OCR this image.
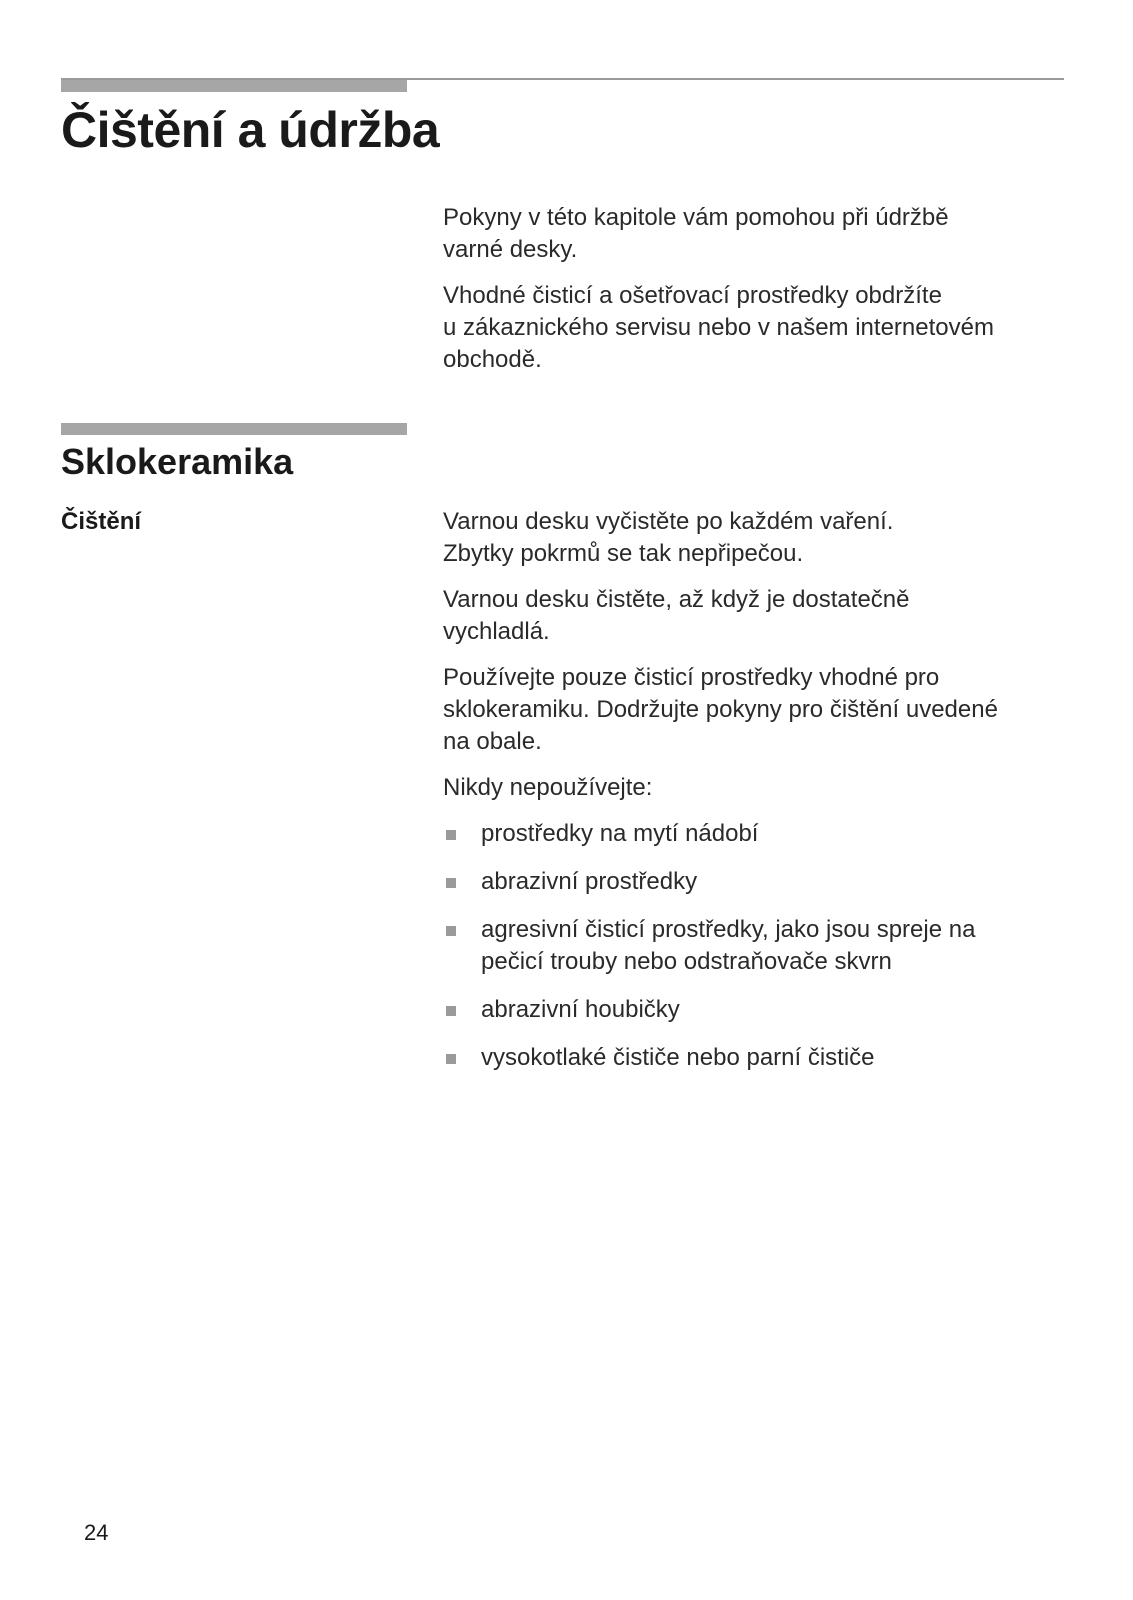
Čištění a údržba

Pokyny v této kapitole vám pomohou při údržbě
varné desky.

Vhodné čisticí a ošetřovací prostředky obdržíte
u zákaznického servisu nebo v našem internetovém
obchodě.

Sklokeramika
Čištění	Varnou desku vyčistěte po každém vaření.
Zbytky pokrmů se tak nepřipečou.

Varnou desku čistěte, až když je dostatečně
vychladlá.

Používejte pouze čisticí prostředky vhodné pro
sklokeramiku. Dodržujte pokyny pro čištění uvedené
na obale.

Nikdy nepoužívejte:

prostředky na mytí nádobí
abrazivní prostředky
agresivní čisticí prostředky, jako jsou spreje na
pečicí trouby nebo odstraňovače skvrn
abrazivní houbičky
vysokotlaké čističe nebo parní čističe
24
